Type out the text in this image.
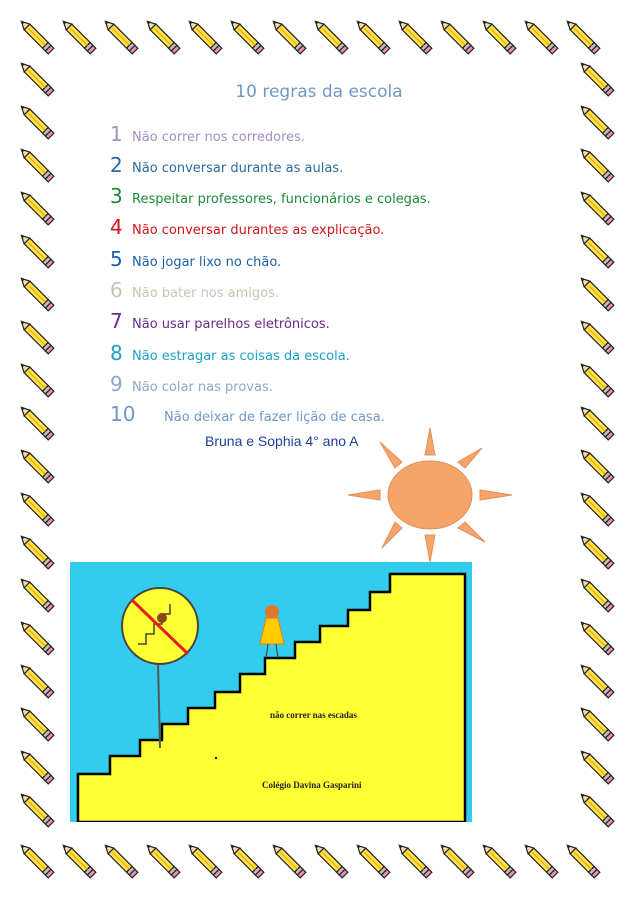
10 regras da escola
1 Não correr nos corredores.
2 Não conversar durante as aulas.
3 Respeitar professores, funcionários e colegas.
4 Não conversar durantes as explicação.
5 Não jogar lixo no chão.
6 Não bater nos amigos.
7 Não usar parelhos eletrônicos.
8 Não estragar as coisas da escola.
9 Não colar nas provas.
10 Não deixar de fazer lição de casa.
Bruna e Sophia 4° ano A
não correr nas escadas
Colégio Davina Gasparini
